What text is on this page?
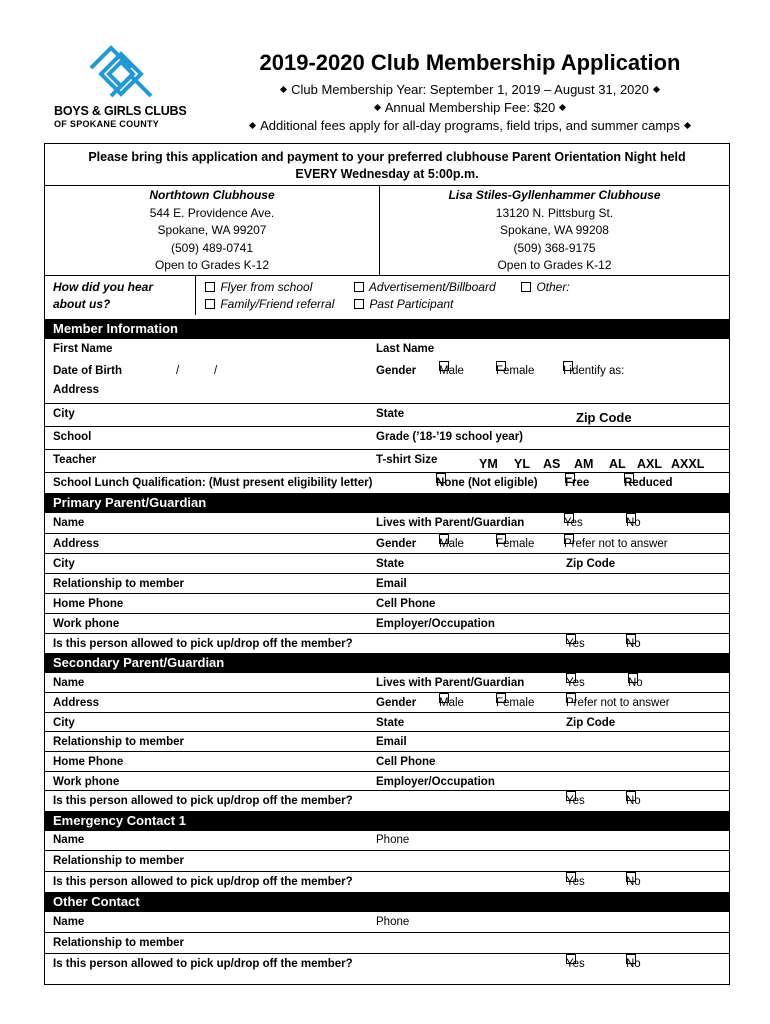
BOYS & GIRLS CLUBS
OF SPOKANE COUNTY
2019-2020 Club Membership Application
Club Membership Year: September 1, 2019 – August 31, 2020
Annual Membership Fee: $20
Additional fees apply for all-day programs, field trips, and summer camps
Please bring this application and payment to your preferred clubhouse Parent Orientation Night held
EVERY Wednesday at 5:00p.m.
Northtown Clubhouse
544 E. Providence Ave.
Spokane, WA 99207
(509) 489-0741
Open to Grades K-12
Lisa Stiles-Gyllenhammer Clubhouse
13120 N. Pittsburg St.
Spokane, WA 99208
(509) 368-9175
Open to Grades K-12
How did you hear
about us?
Flyer from school	Advertisement/Billboard	Other:
Family/Friend referral	Past Participant
Member Information
First Name	Last Name
Date of Birth	/	/	Gender Male	Female I identify as:
Address
City	State	Zip Code
School	Grade (’18-’19 school year)
Teacher	T-shirt Size	YM YL AS AM AL AXL AXXL
School Lunch Qualification: (Must present eligibility letter)	None (Not eligible) Free	Reduced
Primary Parent/Guardian
Name	Lives with Parent/Guardian	Yes	No
Address	Gender Male	Female	Prefer not to answer
City	State	Zip Code
Relationship to member	Email
Home Phone	Cell Phone
Work phone	Employer/Occupation
Is this person allowed to pick up/drop off the member?	Yes	No
Secondary Parent/Guardian
Name	Lives with Parent/Guardian	Yes	No
Address	Gender Male	Female	Prefer not to answer
City	State	Zip Code
Relationship to member	Email
Home Phone	Cell Phone
Work phone	Employer/Occupation
Is this person allowed to pick up/drop off the member?	Yes	No
Emergency Contact 1
Name	Phone
Relationship to member
Is this person allowed to pick up/drop off the member?	Yes	No
Other Contact
Name	Phone
Relationship to member
Is this person allowed to pick up/drop off the member?	Yes	No
